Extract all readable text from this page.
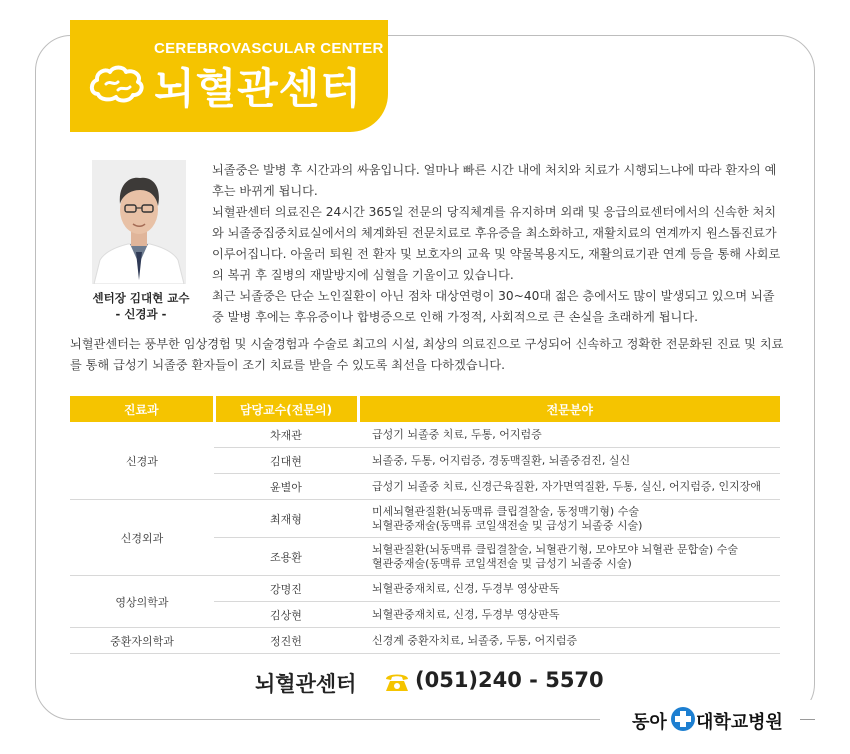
CEREBROVASCULAR CENTER
뇌혈관센터
센터장 김대현 교수
- 신경과 -

뇌졸중은 발병 후 시간과의 싸움입니다. 얼마나 빠른 시간 내에 처치와 치료가 시행되느냐에 따라 환자의 예후는 바뀌게 됩니다.

뇌혈관센터 의료진은 24시간 365일 전문의 당직체계를 유지하며 외래 및 응급의료센터에서의 신속한 처치와 뇌졸중집중치료실에서의 체계화된 전문치료로 후유증을 최소화하고, 재활치료의 연계까지 원스톱진료가 이루어집니다. 아울러 퇴원 전 환자 및 보호자의 교육 및 약물복용지도, 재활의료기관 연계 등을 통해 사회로의 복귀 후 질병의 재발방지에 심혈을 기울이고 있습니다.

최근 뇌졸중은 단순 노인질환이 아닌 점차 대상연령이 30~40대 젊은 층에서도 많이 발생되고 있으며 뇌졸중 발병 후에는 후유증이나 합병증으로 인해 가정적, 사회적으로 큰 손실을 초래하게 됩니다.

뇌혈관센터는 풍부한 임상경험 및 시술경험과 수술로 최고의 시설, 최상의 의료진으로 구성되어 신속하고 정확한 전문화된 진료 및 치료를 통해 급성기 뇌졸중 환자들이 조기 치료를 받을 수 있도록 최선을 다하겠습니다.

진료과	담당교수(전문의)	전문분야
신경과	차재관	급성기 뇌졸중 치료, 두통, 어지럼증
	김대현	뇌졸중, 두통, 어지럼증, 경동맥질환, 뇌졸중검진, 실신
	윤별아	급성기 뇌졸중 치료, 신경근육질환, 자가면역질환, 두통, 실신, 어지럼증, 인지장애
신경외과	최재형	미세뇌혈관질환(뇌동맥류 클립결찰술, 동정맥기형) 수술
뇌혈관중재술(동맥류 코일색전술 및 급성기 뇌졸중 시술)

	조용환	뇌혈관질환(뇌동맥류 클립결찰술, 뇌혈관기형, 모야모야 뇌혈관 문합술) 수술
혈관중재술(동맥류 코일색전술 및 급성기 뇌졸중 시술)

영상의학과	강명진	뇌혈관중재치료, 신경, 두경부 영상판독
	김상현	뇌혈관중재치료, 신경, 두경부 영상판독
중환자의학과	정진헌	신경계 중환자치료, 뇌졸중, 두통, 어지럼증
뇌혈관센터	(051)240 - 5570
동아 대학교병원
